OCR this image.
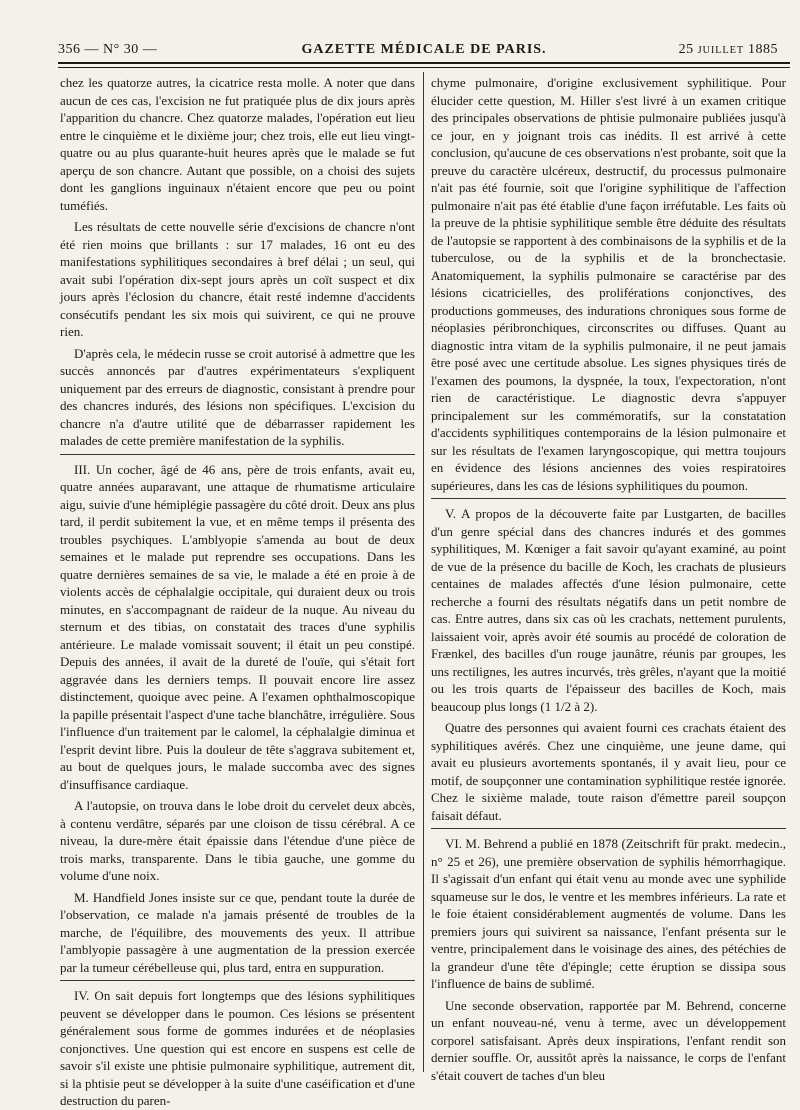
356 — N° 30 —	GAZETTE MÉDICALE DE PARIS.	25 JUILLET 1885

chez les quatorze autres, la cicatrice resta molle. A noter que dans aucun de ces cas, l'excision ne fut pratiquée plus de dix jours après l'apparition du chancre. Chez quatorze malades, l'opération eut lieu entre le cinquième et le dixième jour; chez trois, elle eut lieu vingt-quatre ou au plus quarante-huit heures après que le malade se fut aperçu de son chancre. Autant que possible, on a choisi des sujets dont les ganglions inguinaux n'étaient encore que peu ou point tuméfiés.

Les résultats de cette nouvelle série d'excisions de chancre n'ont été rien moins que brillants : sur 17 malades, 16 ont eu des manifestations syphilitiques secondaires à bref délai ; un seul, qui avait subi l'opération dix-sept jours après un coït suspect et dix jours après l'éclosion du chancre, était resté indemne d'accidents consécutifs pendant les six mois qui suivirent, ce qui ne prouve rien.

D'après cela, le médecin russe se croit autorisé à admettre que les succès annoncés par d'autres expérimentateurs s'expliquent uniquement par des erreurs de diagnostic, consistant à prendre pour des chancres indurés, des lésions non spécifiques. L'excision du chancre n'a d'autre utilité que de débarrasser rapidement les malades de cette première manifestation de la syphilis.

III. Un cocher, âgé de 46 ans, père de trois enfants, avait eu, quatre années auparavant, une attaque de rhumatisme articulaire aigu, suivie d'une hémiplégie passagère du côté droit. Deux ans plus tard, il perdit subitement la vue, et en même temps il présenta des troubles psychiques. L'amblyopie s'amenda au bout de deux semaines et le malade put reprendre ses occupations. Dans les quatre dernières semaines de sa vie, le malade a été en proie à de violents accès de céphalalgie occipitale, qui duraient deux ou trois minutes, en s'accompagnant de raideur de la nuque. Au niveau du sternum et des tibias, on constatait des traces d'une syphilis antérieure. Le malade vomissait souvent; il était un peu constipé. Depuis des années, il avait de la dureté de l'ouïe, qui s'était fort aggravée dans les derniers temps. Il pouvait encore lire assez distinctement, quoique avec peine. A l'examen ophthalmoscopique la papille présentait l'aspect d'une tache blanchâtre, irrégulière. Sous l'influence d'un traitement par le calomel, la céphalalgie diminua et l'esprit devint libre. Puis la douleur de tête s'aggrava subitement et, au bout de quelques jours, le malade succomba avec des signes d'insuffisance cardiaque.

A l'autopsie, on trouva dans le lobe droit du cervelet deux abcès, à contenu verdâtre, séparés par une cloison de tissu cérébral. A ce niveau, la dure-mère était épaissie dans l'étendue d'une pièce de trois marks, transparente. Dans le tibia gauche, une gomme du volume d'une noix.

M. Handfield Jones insiste sur ce que, pendant toute la durée de l'observation, ce malade n'a jamais présenté de troubles de la marche, de l'équilibre, des mouvements des yeux. Il attribue l'amblyopie passagère à une augmentation de la pression exercée par la tumeur cérébelleuse qui, plus tard, entra en suppuration.

IV. On sait depuis fort longtemps que des lésions syphilitiques peuvent se développer dans le poumon. Ces lésions se présentent généralement sous forme de gommes indurées et de néoplasies conjonctives. Une question qui est encore en suspens est celle de savoir s'il existe une phtisie pulmonaire syphilitique, autrement dit, si la phtisie peut se développer à la suite d'une caséification et d'une destruction du paren-

chyme pulmonaire, d'origine exclusivement syphilitique. Pour élucider cette question, M. Hiller s'est livré à un examen critique des principales observations de phtisie pulmonaire publiées jusqu'à ce jour, en y joignant trois cas inédits. Il est arrivé à cette conclusion, qu'aucune de ces observations n'est probante, soit que la preuve du caractère ulcéreux, destructif, du processus pulmonaire n'ait pas été fournie, soit que l'origine syphilitique de l'affection pulmonaire n'ait pas été établie d'une façon irréfutable. Les faits où la preuve de la phtisie syphilitique semble être déduite des résultats de l'autopsie se rapportent à des combinaisons de la syphilis et de la tuberculose, ou de la syphilis et de la bronchectasie. Anatomiquement, la syphilis pulmonaire se caractérise par des lésions cicatricielles, des proliférations conjonctives, des productions gommeuses, des indurations chroniques sous forme de néoplasies péribronchiques, circonscrites ou diffuses. Quant au diagnostic intra vitam de la syphilis pulmonaire, il ne peut jamais être posé avec une certitude absolue. Les signes physiques tirés de l'examen des poumons, la dyspnée, la toux, l'expectoration, n'ont rien de caractéristique. Le diagnostic devra s'appuyer principalement sur les commémoratifs, sur la constatation d'accidents syphilitiques contemporains de la lésion pulmonaire et sur les résultats de l'examen laryngoscopique, qui mettra toujours en évidence des lésions anciennes des voies respiratoires supérieures, dans les cas de lésions syphilitiques du poumon.

V. A propos de la découverte faite par Lustgarten, de bacilles d'un genre spécial dans des chancres indurés et des gommes syphilitiques, M. Kœniger a fait savoir qu'ayant examiné, au point de vue de la présence du bacille de Koch, les crachats de plusieurs centaines de malades affectés d'une lésion pulmonaire, cette recherche a fourni des résultats négatifs dans un petit nombre de cas. Entre autres, dans six cas où les crachats, nettement purulents, laissaient voir, après avoir été soumis au procédé de coloration de Frænkel, des bacilles d'un rouge jaunâtre, réunis par groupes, les uns rectilignes, les autres incurvés, très grêles, n'ayant que la moitié ou les trois quarts de l'épaisseur des bacilles de Koch, mais beaucoup plus longs (1 1/2 à 2).

Quatre des personnes qui avaient fourni ces crachats étaient des syphilitiques avérés. Chez une cinquième, une jeune dame, qui avait eu plusieurs avortements spontanés, il y avait lieu, pour ce motif, de soupçonner une contamination syphilitique restée ignorée. Chez le sixième malade, toute raison d'émettre pareil soupçon faisait défaut.

VI. M. Behrend a publié en 1878 (Zeitschrift für prakt. medecin., n° 25 et 26), une première observation de syphilis hémorrhagique. Il s'agissait d'un enfant qui était venu au monde avec une syphilide squameuse sur le dos, le ventre et les membres inférieurs. La rate et le foie étaient considérablement augmentés de volume. Dans les premiers jours qui suivirent sa naissance, l'enfant présenta sur le ventre, principalement dans le voisinage des aines, des pétéchies de la grandeur d'une tête d'épingle; cette éruption se dissipa sous l'influence de bains de sublimé.

Une seconde observation, rapportée par M. Behrend, concerne un enfant nouveau-né, venu à terme, avec un développement corporel satisfaisant. Après deux inspirations, l'enfant rendit son dernier souffle. Or, aussitôt après la naissance, le corps de l'enfant s'était couvert de taches d'un bleu
